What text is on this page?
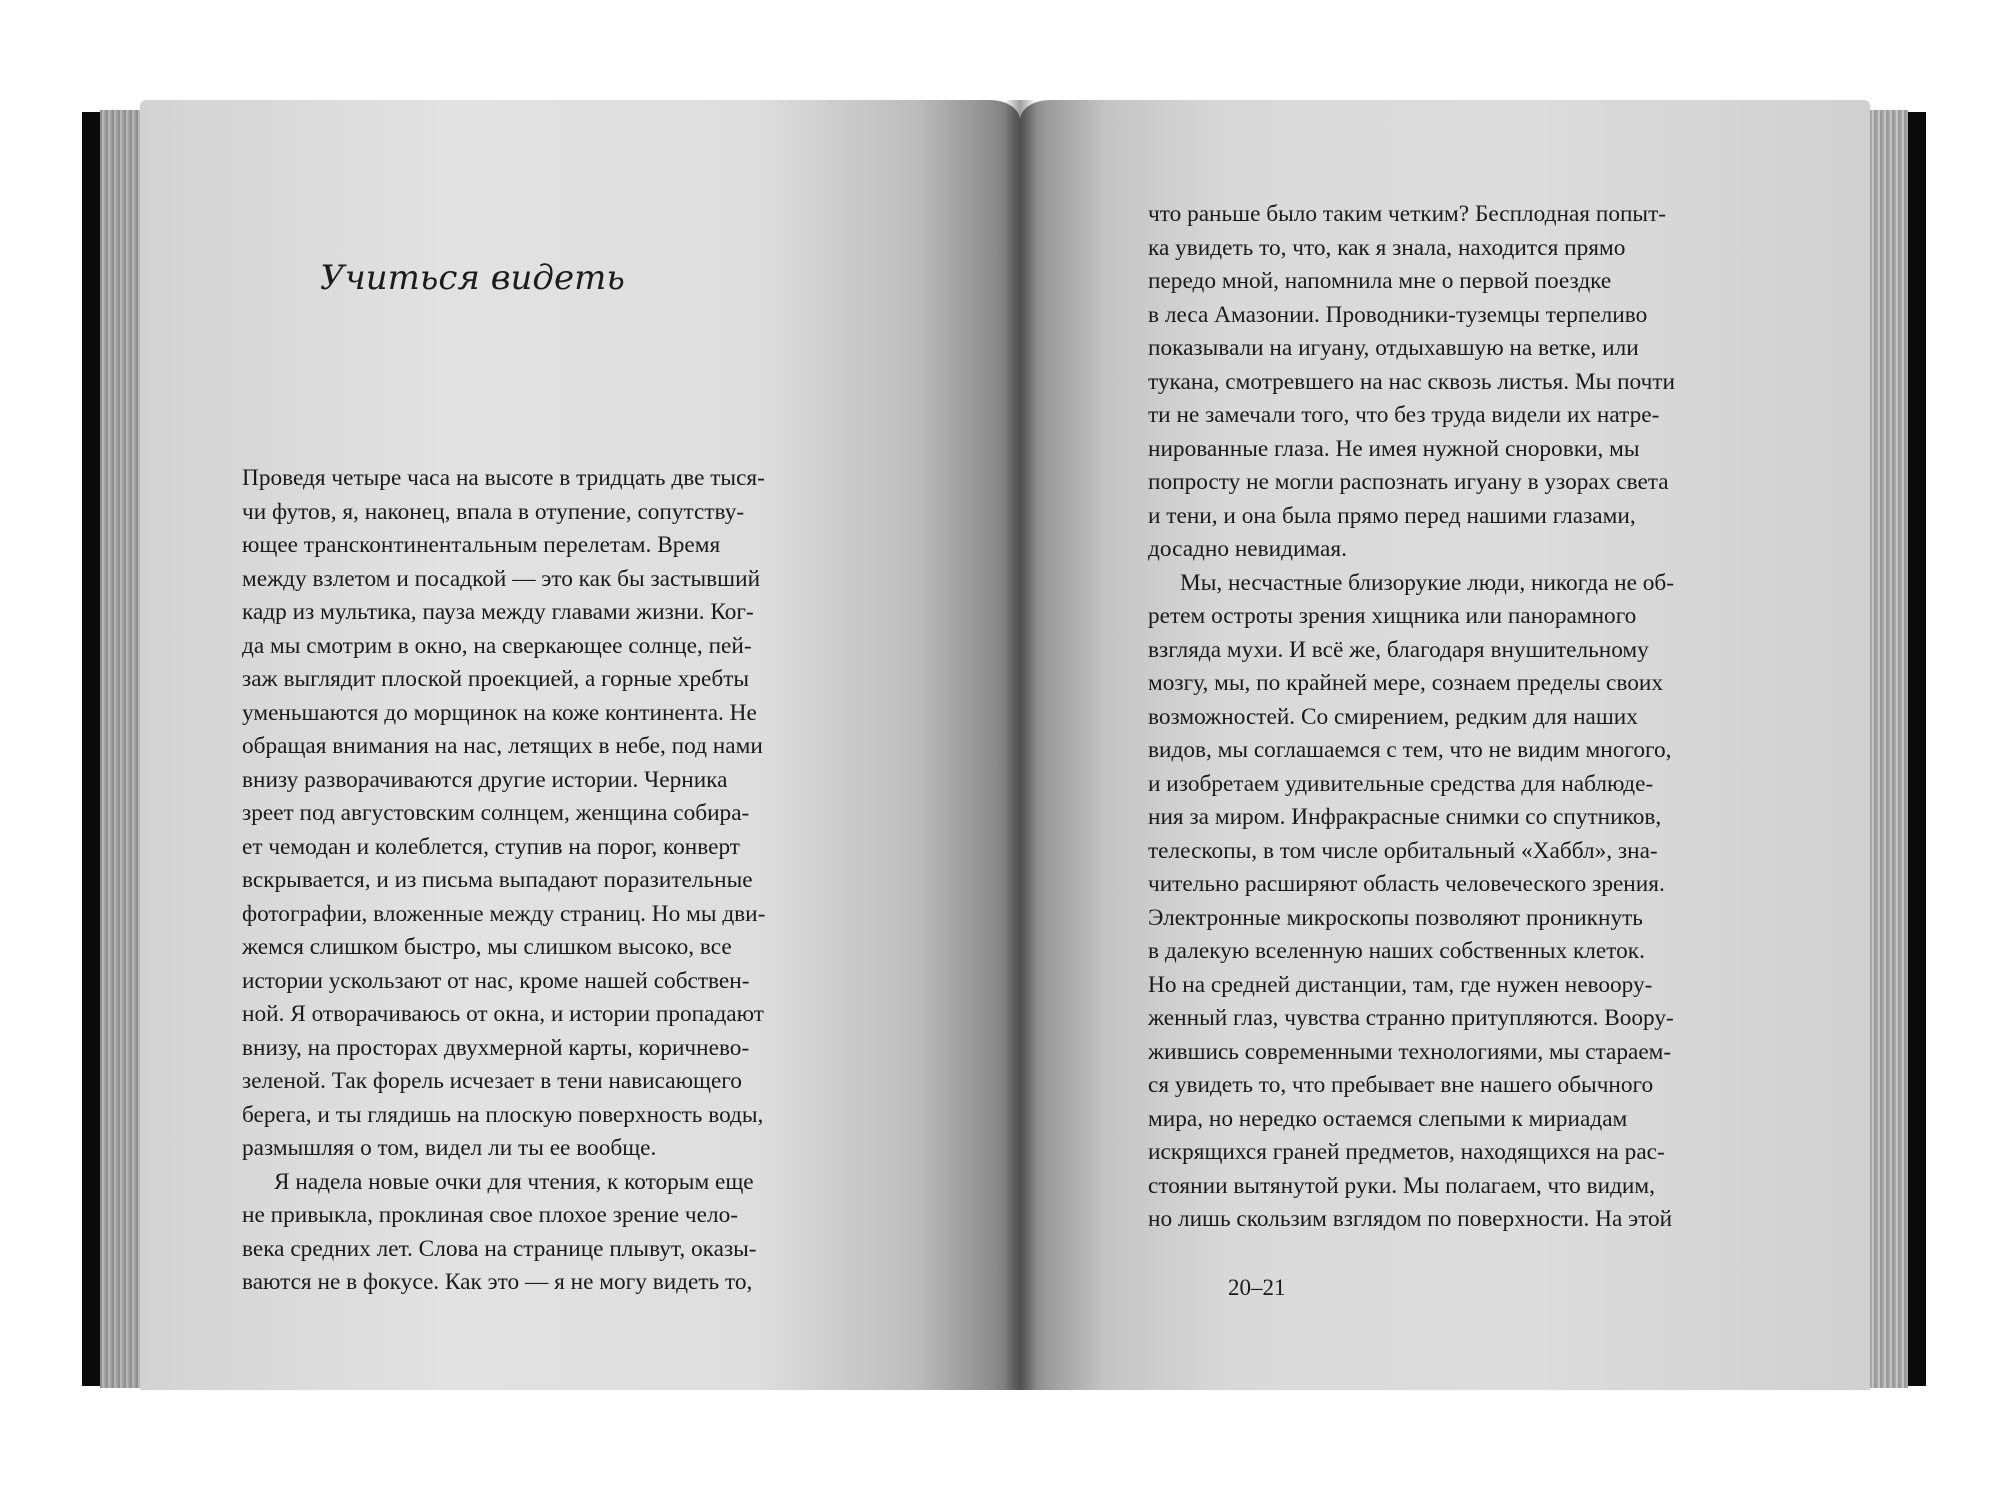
Учиться видеть
Проведя четыре часа на высоте в тридцать две тыся-
чи футов, я, наконец, впала в отупение, сопутству-
ющее трансконтинентальным перелетам. Время
между взлетом и посадкой — это как бы застывший
кадр из мультика, пауза между главами жизни. Ког-
да мы смотрим в окно, на сверкающее солнце, пей-
заж выглядит плоской проекцией, а горные хребты
уменьшаются до морщинок на коже континента. Не
обращая внимания на нас, летящих в небе, под нами
внизу разворачиваются другие истории. Черника
зреет под августовским солнцем, женщина собира-
ет чемодан и колеблется, ступив на порог, конверт
вскрывается, и из письма выпадают поразительные
фотографии, вложенные между страниц. Но мы дви-
жемся слишком быстро, мы слишком высоко, все
истории ускользают от нас, кроме нашей собствен-
ной. Я отворачиваюсь от окна, и истории пропадают
внизу, на просторах двухмерной карты, коричнево-
зеленой. Так форель исчезает в тени нависающего
берега, и ты глядишь на плоскую поверхность воды,
размышляя о том, видел ли ты ее вообще.
Я надела новые очки для чтения, к которым еще
не привыкла, проклиная свое плохое зрение чело-
века средних лет. Слова на странице плывут, оказы-
ваются не в фокусе. Как это — я не могу видеть то,
что раньше было таким четким? Бесплодная попыт-
ка увидеть то, что, как я знала, находится прямо
передо мной, напомнила мне о первой поездке
в леса Амазонии. Проводники-туземцы терпеливо
показывали на игуану, отдыхавшую на ветке, или
тукана, смотревшего на нас сквозь листья. Мы почти
ти не замечали того, что без труда видели их натре-
нированные глаза. Не имея нужной сноровки, мы
попросту не могли распознать игуану в узорах света
и тени, и она была прямо перед нашими глазами,
досадно невидимая.
Мы, несчастные близорукие люди, никогда не об-
ретем остроты зрения хищника или панорамного
взгляда мухи. И всё же, благодаря внушительному
мозгу, мы, по крайней мере, сознаем пределы своих
возможностей. Со смирением, редким для наших
видов, мы соглашаемся с тем, что не видим многого,
и изобретаем удивительные средства для наблюде-
ния за миром. Инфракрасные снимки со спутников,
телескопы, в том числе орбитальный «Хаббл», зна-
чительно расширяют область человеческого зрения.
Электронные микроскопы позволяют проникнуть
в далекую вселенную наших собственных клеток.
Но на средней дистанции, там, где нужен невоору-
женный глаз, чувства странно притупляются. Воору-
жившись современными технологиями, мы стараем-
ся увидеть то, что пребывает вне нашего обычного
мира, но нередко остаемся слепыми к мириадам
искрящихся граней предметов, находящихся на рас-
стоянии вытянутой руки. Мы полагаем, что видим,
но лишь скользим взглядом по поверхности. На этой

20–21
